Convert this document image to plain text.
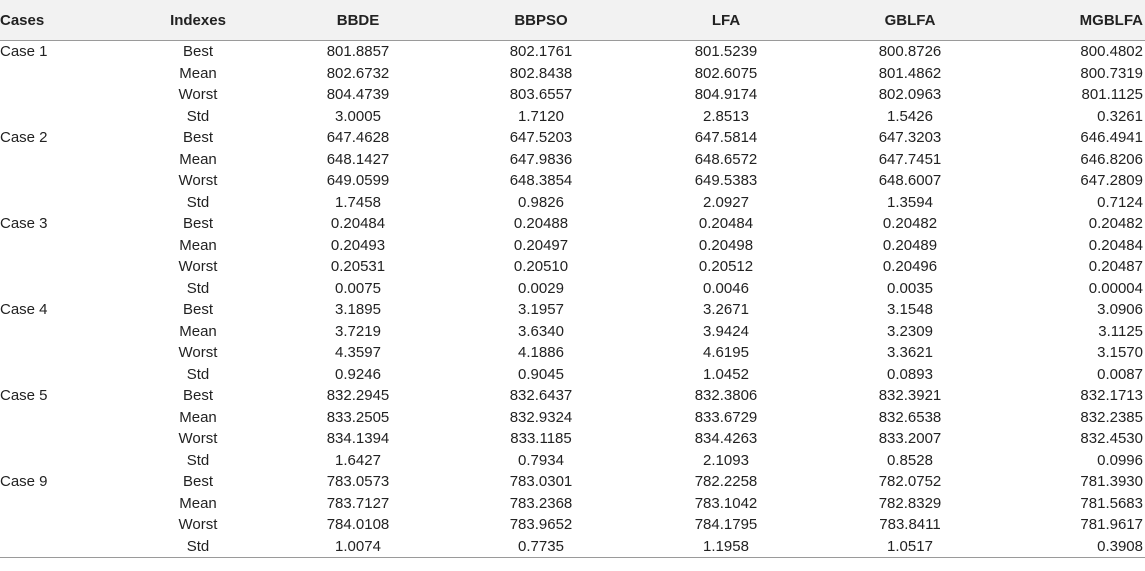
Cases	Indexes	BBDE	BBPSO	LFA	GBLFA	MGBLFA
Case 1	Best	801.8857	802.1761	801.5239	800.8726	800.4802
	Mean	802.6732	802.8438	802.6075	801.4862	800.7319
	Worst	804.4739	803.6557	804.9174	802.0963	801.1125
	Std	3.0005	1.7120	2.8513	1.5426	0.3261
Case 2	Best	647.4628	647.5203	647.5814	647.3203	646.4941
	Mean	648.1427	647.9836	648.6572	647.7451	646.8206
	Worst	649.0599	648.3854	649.5383	648.6007	647.2809
	Std	1.7458	0.9826	2.0927	1.3594	0.7124
Case 3	Best	0.20484	0.20488	0.20484	0.20482	0.20482
	Mean	0.20493	0.20497	0.20498	0.20489	0.20484
	Worst	0.20531	0.20510	0.20512	0.20496	0.20487
	Std	0.0075	0.0029	0.0046	0.0035	0.00004
Case 4	Best	3.1895	3.1957	3.2671	3.1548	3.0906
	Mean	3.7219	3.6340	3.9424	3.2309	3.1125
	Worst	4.3597	4.1886	4.6195	3.3621	3.1570
	Std	0.9246	0.9045	1.0452	0.0893	0.0087
Case 5	Best	832.2945	832.6437	832.3806	832.3921	832.1713
	Mean	833.2505	832.9324	833.6729	832.6538	832.2385
	Worst	834.1394	833.1185	834.4263	833.2007	832.4530
	Std	1.6427	0.7934	2.1093	0.8528	0.0996
Case 9	Best	783.0573	783.0301	782.2258	782.0752	781.3930
	Mean	783.7127	783.2368	783.1042	782.8329	781.5683
	Worst	784.0108	783.9652	784.1795	783.8411	781.9617
	Std	1.0074	0.7735	1.1958	1.0517	0.3908
